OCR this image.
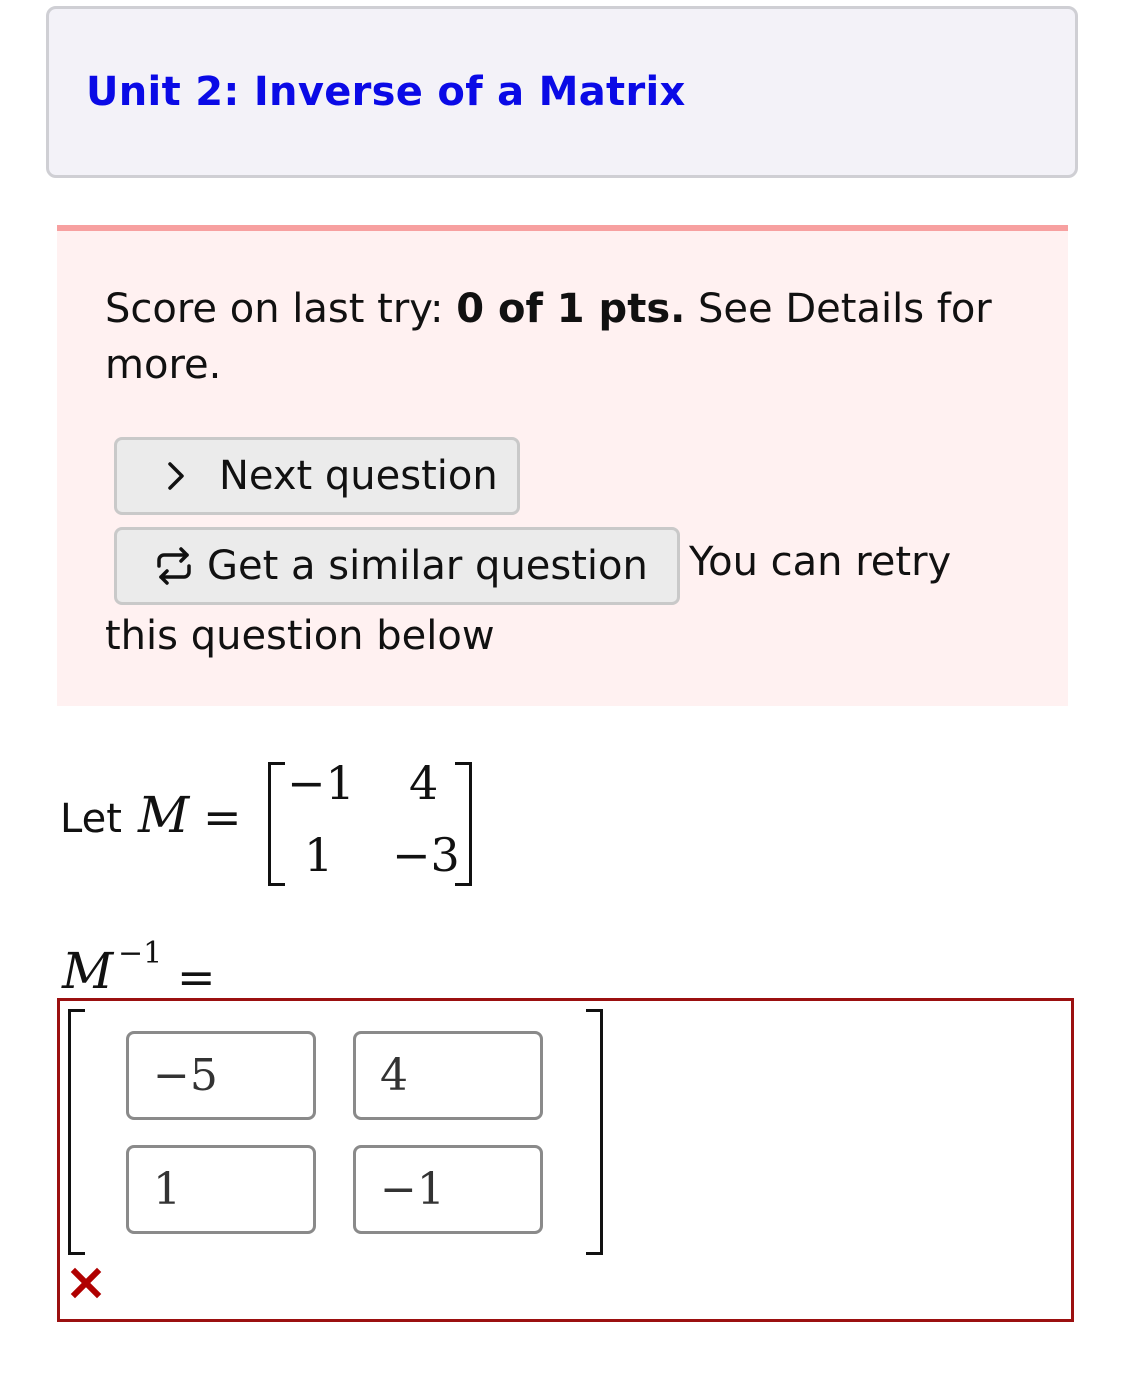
Unit 2: Inverse of a Matrix
Score on last try: 0 of 1 pts. See Details for more.
Next question
Get a similar question You can retry
this question below
Let M =
−1 4
1 −3
M −1 =
−5	4
1	−1
